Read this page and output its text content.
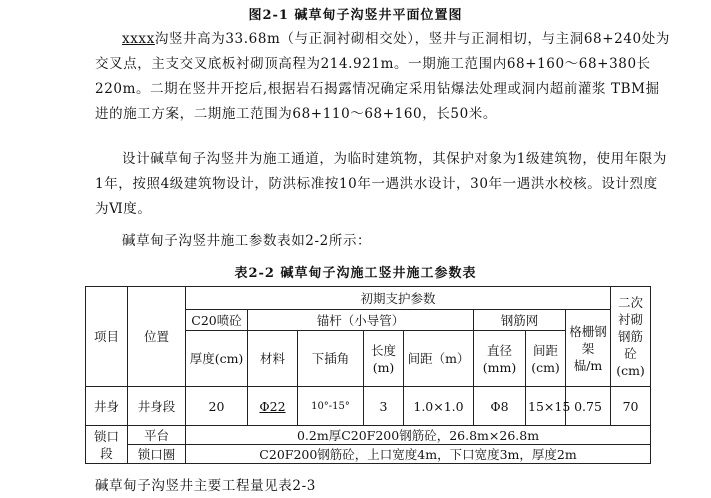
图2-1 碱草甸子沟竖井平面位置图

xxxx沟竖井高为33.68m（与正洞衬砌相交处），竖井与正洞相切，与主洞68+240处为交叉点，主支交叉底板衬砌顶高程为214.921m。一期施工范围内68+160～68+380长220m。二期在竖井开挖后,根据岩石揭露情况确定采用钻爆法处理或洞内超前灌浆 TBM掘进的施工方案，二期施工范围为68+110～68+160，长50米。

设计碱草甸子沟竖井为施工通道，为临时建筑物，其保护对象为1级建筑物，使用年限为1年，按照4级建筑物设计，防洪标准按10年一遇洪水设计，30年一遇洪水校核。设计烈度为Ⅵ度。

碱草甸子沟竖井施工参数表如2-2所示：

表2-2 碱草甸子沟施工竖井施工参数表
项目	位置	初期支护参数								二次衬砌钢筋砼(cm)
		C20喷砼	锚杆（小导管）				钢筋网		格栅钢架榀/m	
		厚度(cm)	材料	下插角	长度(m)	间距（m）	直径(mm)	间距(cm)		
井身	井身段	20	Φ22	10°-15°	3	1.0×1.0	Φ8	15×15	0.75	70
锁口段	平台	0.2m厚C20F200钢筋砼，26.8m×26.8m								
	锁口圈	C20F200钢筋砼，上口宽度4m，下口宽度3m，厚度2m								
碱草甸子沟竖井主要工程量见表2-3
